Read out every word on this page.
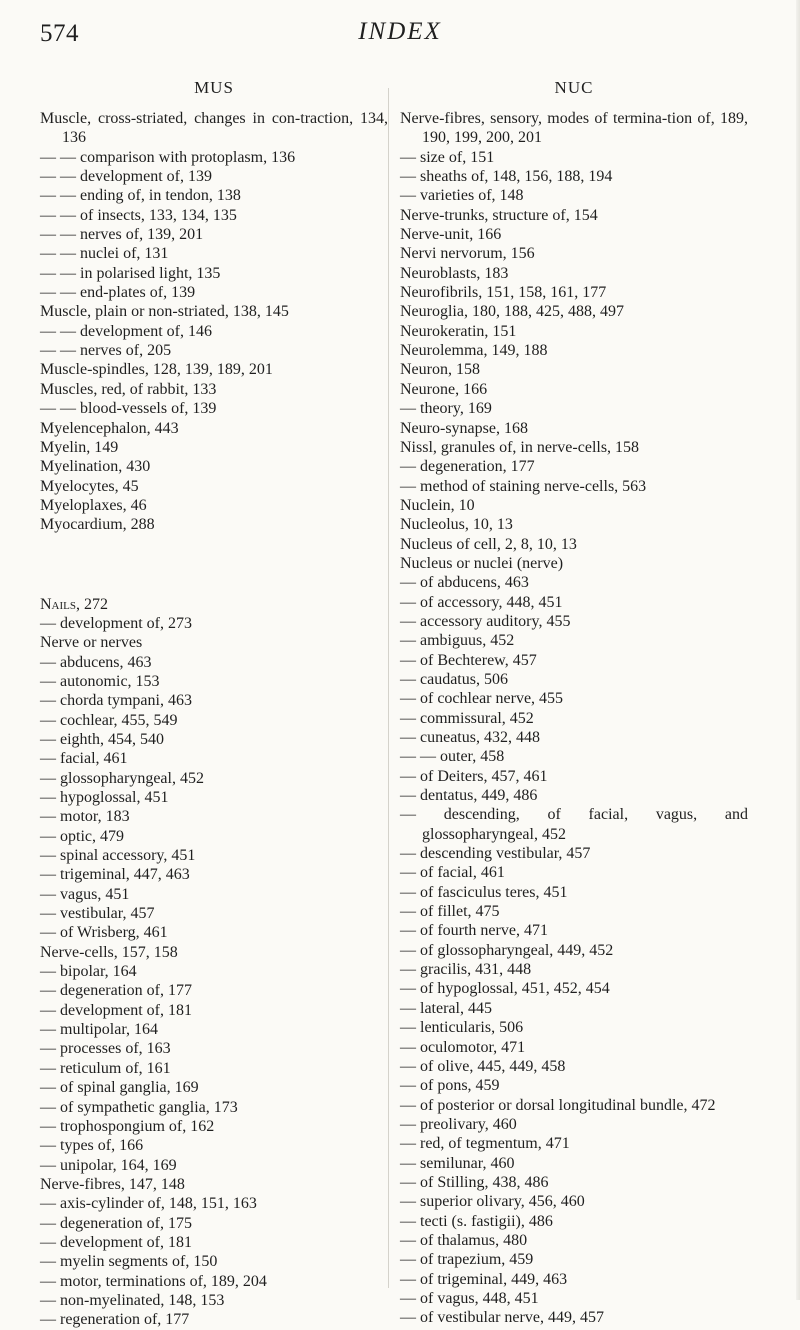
574	INDEX
MUS
Muscle, cross-striated, changes in con-traction, 134, 136
— — comparison with protoplasm, 136
— — development of, 139
— — ending of, in tendon, 138
— — of insects, 133, 134, 135
— — nerves of, 139, 201
— — nuclei of, 131
— — in polarised light, 135
— — end-plates of, 139
Muscle, plain or non-striated, 138, 145
— — development of, 146
— — nerves of, 205
Muscle-spindles, 128, 139, 189, 201
Muscles, red, of rabbit, 133
— — blood-vessels of, 139
Myelencephalon, 443
Myelin, 149
Myelination, 430
Myelocytes, 45
Myeloplaxes, 46
Myocardium, 288
Nails, 272
— development of, 273
Nerve or nerves
— abducens, 463
— autonomic, 153
— chorda tympani, 463
— cochlear, 455, 549
— eighth, 454, 540
— facial, 461
— glossopharyngeal, 452
— hypoglossal, 451
— motor, 183
— optic, 479
— spinal accessory, 451
— trigeminal, 447, 463
— vagus, 451
— vestibular, 457
— of Wrisberg, 461
Nerve-cells, 157, 158
— bipolar, 164
— degeneration of, 177
— development of, 181
— multipolar, 164
— processes of, 163
— reticulum of, 161
— of spinal ganglia, 169
— of sympathetic ganglia, 173
— trophospongium of, 162
— types of, 166
— unipolar, 164, 169
Nerve-fibres, 147, 148
— axis-cylinder of, 148, 151, 163
— degeneration of, 175
— development of, 181
— myelin segments of, 150
— motor, terminations of, 189, 204
— non-myelinated, 148, 153
— regeneration of, 177
NUC
Nerve-fibres, sensory, modes of termina-tion of, 189, 190, 199, 200, 201
— size of, 151
— sheaths of, 148, 156, 188, 194
— varieties of, 148
Nerve-trunks, structure of, 154
Nerve-unit, 166
Nervi nervorum, 156
Neuroblasts, 183
Neurofibrils, 151, 158, 161, 177
Neuroglia, 180, 188, 425, 488, 497
Neurokeratin, 151
Neurolemma, 149, 188
Neuron, 158
Neurone, 166
— theory, 169
Neuro-synapse, 168
Nissl, granules of, in nerve-cells, 158
— degeneration, 177
— method of staining nerve-cells, 563
Nuclein, 10
Nucleolus, 10, 13
Nucleus of cell, 2, 8, 10, 13
Nucleus or nuclei (nerve)
— of abducens, 463
— of accessory, 448, 451
— accessory auditory, 455
— ambiguus, 452
— of Bechterew, 457
— caudatus, 506
— of cochlear nerve, 455
— commissural, 452
— cuneatus, 432, 448
— — outer, 458
— of Deiters, 457, 461
— dentatus, 449, 486
— descending, of facial, vagus, and glossopharyngeal, 452
— descending vestibular, 457
— of facial, 461
— of fasciculus teres, 451
— of fillet, 475
— of fourth nerve, 471
— of glossopharyngeal, 449, 452
— gracilis, 431, 448
— of hypoglossal, 451, 452, 454
— lateral, 445
— lenticularis, 506
— oculomotor, 471
— of olive, 445, 449, 458
— of pons, 459
— of posterior or dorsal longitudinal bundle, 472
— preolivary, 460
— red, of tegmentum, 471
— semilunar, 460
— of Stilling, 438, 486
— superior olivary, 456, 460
— tecti (s. fastigii), 486
— of thalamus, 480
— of trapezium, 459
— of trigeminal, 449, 463
— of vagus, 448, 451
— of vestibular nerve, 449, 457
